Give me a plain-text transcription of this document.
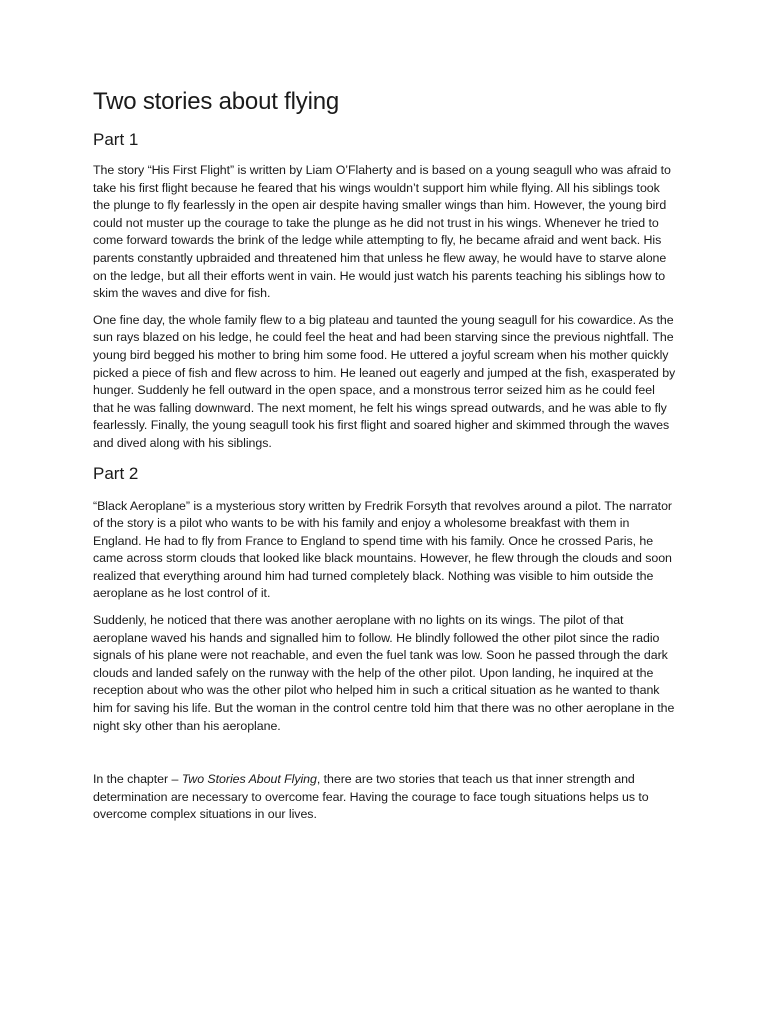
Two stories about flying
Part 1

The story “His First Flight” is written by Liam O’Flaherty and is based on a young seagull who was afraid to take his first flight because he feared that his wings wouldn’t support him while flying. All his siblings took the plunge to fly fearlessly in the open air despite having smaller wings than him. However, the young bird could not muster up the courage to take the plunge as he did not trust in his wings. Whenever he tried to come forward towards the brink of the ledge while attempting to fly, he became afraid and went back. His parents constantly upbraided and threatened him that unless he flew away, he would have to starve alone on the ledge, but all their efforts went in vain. He would just watch his parents teaching his siblings how to skim the waves and dive for fish.

One fine day, the whole family flew to a big plateau and taunted the young seagull for his cowardice. As the sun rays blazed on his ledge, he could feel the heat and had been starving since the previous nightfall. The young bird begged his mother to bring him some food. He uttered a joyful scream when his mother quickly picked a piece of fish and flew across to him. He leaned out eagerly and jumped at the fish, exasperated by hunger. Suddenly he fell outward in the open space, and a monstrous terror seized him as he could feel that he was falling downward. The next moment, he felt his wings spread outwards, and he was able to fly fearlessly. Finally, the young seagull took his first flight and soared higher and skimmed through the waves and dived along with his siblings.

Part 2

“Black Aeroplane” is a mysterious story written by Fredrik Forsyth that revolves around a pilot. The narrator of the story is a pilot who wants to be with his family and enjoy a wholesome breakfast with them in England. He had to fly from France to England to spend time with his family. Once he crossed Paris, he came across storm clouds that looked like black mountains. However, he flew through the clouds and soon realized that everything around him had turned completely black. Nothing was visible to him outside the aeroplane as he lost control of it.

Suddenly, he noticed that there was another aeroplane with no lights on its wings. The pilot of that aeroplane waved his hands and signalled him to follow. He blindly followed the other pilot since the radio signals of his plane were not reachable, and even the fuel tank was low. Soon he passed through the dark clouds and landed safely on the runway with the help of the other pilot. Upon landing, he inquired at the reception about who was the other pilot who helped him in such a critical situation as he wanted to thank him for saving his life. But the woman in the control centre told him that there was no other aeroplane in the night sky other than his aeroplane.

In the chapter – Two Stories About Flying, there are two stories that teach us that inner strength and determination are necessary to overcome fear. Having the courage to face tough situations helps us to overcome complex situations in our lives.
